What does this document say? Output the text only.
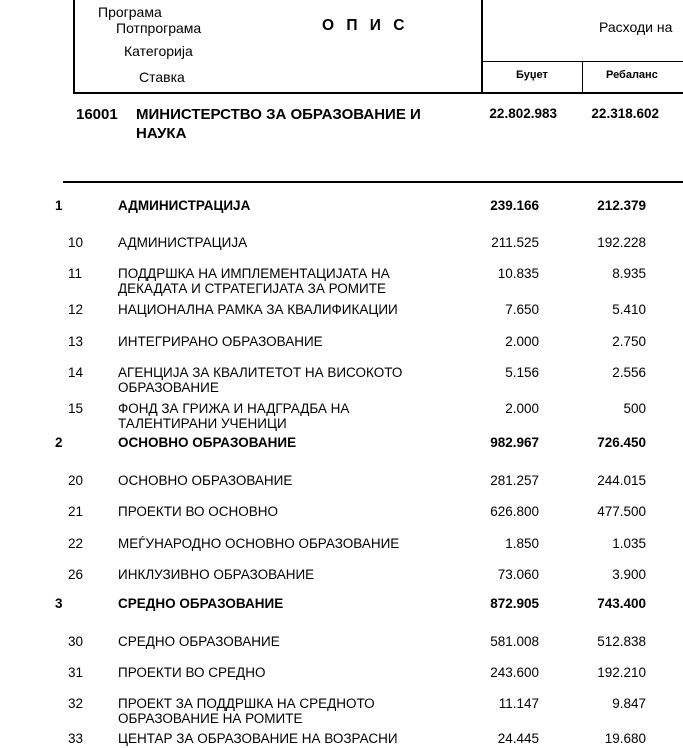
Програма
Потпрограма
Категорија
Ставка
О П И С	Расходи на
Буџет	Ребаланс
16001 МИНИСТЕРСТВО ЗА ОБРАЗОВАНИЕ И
НАУКА
22.802.983	22.318.602
1	АДМИНИСТРАЦИЈА	239.166	212.379
10	АДМИНИСТРАЦИЈА	211.525	192.228
11	ПОДДРШКА НА ИМПЛЕМЕНТАЦИЈАТА НА
ДЕКАДАТА И СТРАТЕГИЈАТА ЗА РОМИТЕ
10.835	8.935
12	НАЦИОНАЛНА РАМКА ЗА КВАЛИФИКАЦИИ	7.650	5.410
13	ИНТЕГРИРАНО ОБРАЗОВАНИЕ	2.000	2.750
14	АГЕНЦИЈА ЗА КВАЛИТЕТОТ НА ВИСОКОТО
ОБРАЗОВАНИЕ
5.156	2.556
15	ФОНД ЗА ГРИЖА И НАДГРАДБА НА
ТАЛЕНТИРАНИ УЧЕНИЦИ
2.000	500
2	ОСНОВНО ОБРАЗОВАНИЕ	982.967	726.450
20	ОСНОВНО ОБРАЗОВАНИЕ	281.257	244.015
21	ПРОЕКТИ ВО ОСНОВНО	626.800	477.500
22	МЕЃУНАРОДНО ОСНОВНО ОБРАЗОВАНИЕ	1.850	1.035
26	ИНКЛУЗИВНО ОБРАЗОВАНИЕ	73.060	3.900
3	СРЕДНО ОБРАЗОВАНИЕ	872.905	743.400
30	СРЕДНО ОБРАЗОВАНИЕ	581.008	512.838
31	ПРОЕКТИ ВО СРЕДНО	243.600	192.210
32	ПРОЕКТ ЗА ПОДДРШКА НА СРЕДНОТО
ОБРАЗОВАНИЕ НА РОМИТЕ
11.147	9.847
33	ЦЕНТАР ЗА ОБРАЗОВАНИЕ НА ВОЗРАСНИ	24.445	19.680
